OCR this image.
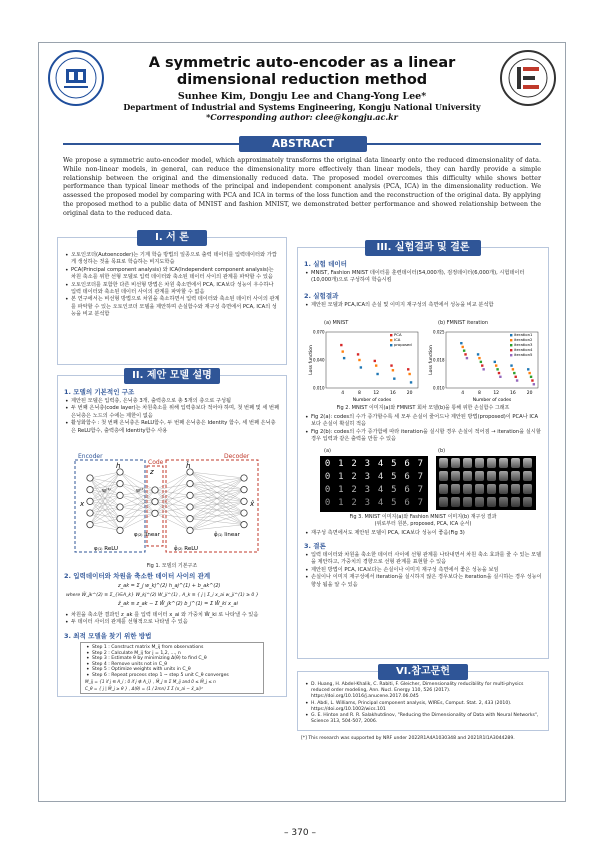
A symmetric auto-encoder as a linear dimensional reduction method
Sunhee Kim, Dongju Lee and Chang-Yong Lee*
Department of Industrial and Systems Engineering, Kongju National University
*Corresponding author: clee@kongju.ac.kr
ABSTRACT
We propose a symmetric auto-encoder model, which approximately transforms the original data linearly onto the reduced dimensionality of data. While non-linear models, in general, can reduce the dimensionality more effectively than linear models, they can hardly provide a simple relationship between the original and the dimensionally reduced data. The proposed model overcomes this difficulty while shows better performance than typical linear methods of the principal and independent component analysis (PCA, ICA) in the dimensionality reduction. We assessed the proposed model by comparing with PCA and ICA in terms of the loss function and the reconstruction of the original data. By applying the proposed method to a public data of MNIST and fashion MNIST, we demonstrated better performance and showed relationship between the original data to the reduced data.
I. 서 론
• 오토인코더(Autoencoder)는 기계 학습 방법의 일종으로 출력 데이터를 입력데이터와 가깝게 생성하는 것을 목표로 학습하는 비지도학습
• PCA(Principal component analysis) 와 ICA(Independent component analysis)는 차원 축소를 위한 선형 모델로 입력 데이터와 축소된 데이터 사이의 관계를 파악할 수 있음
• 오토인코더를 포함한 다른 비선형 방법은 차원 축소면에서 PCA, ICA보다 성능이 우수하나 입력 데이터와 축소된 데이터 사이의 관계를 파악할 수 없음
• 본 연구에서는 비선형 방법으로 차원을 축소하면서 입력 데이터와 축소된 데이터 사이의 관계를 파악할 수 있는 오토인코더 모델을 제안하며 손실함수와 재구성 측면에서 PCA, ICA의 성능을 비교 분석함
II. 제안 모델 설명
1. 모델의 기본적인 구조
• 제안된 모델은 입력층, 은닉층 3개, 출력층으로 총 5개의 층으로 구성됨
• 두 번째 은닉층(code layer)는 차원축소를 위해 입력층보다 적어야 하며, 첫 번째 및 세 번째 은닉층은 노드의 수에는 제한이 없음
• 활성화함수 : 첫 번째 은닉층은 ReLU함수, 두 번째 은닉층은 Identity 함수, 세 번째 은닉층은 ReLU함수, 출력층에 Identity함수 사용
Encoder
Code
Decoder
x
h
z
ĥ
x̂
w⁽¹⁾	w⁽²⁾
φ₍₁₎ ReLU
φ₍₂₎ linear
φ̃₍₂₎ ReLU
φ̃₍₁₎ linear
Fig 1. 모델의 기본구조
2. 입력데이터와 차원을 축소한 데이터 사이의 관계
z_ak = Σ_j w_kj^(2) h_aj^(1) + b_ak^(2)
where W̄_jk^(2) ≡ Σ_{i∈A_k} W_kj^(2) W_ji^(1) , A_k ≡ { j | Σ_i x_ai w_ji^(1) ≥ 0 }
ẑ_ak ≡ z_ak − Σ W̄_jk^(2) b_j^(1) = Σ W̄_ki x_ai
• 차원을 축소한 결과인 z_ak 를 입력 데이터 x_ai 와 가중치 W̄_ki 로 나타낼 수 있음
• 두 데이터 사이의 관계를 선형적으로 나타낼 수 있음
3. 최적 모델을 찾기 위한 방법
• Step 1 : Construct matrix M_ij from observations
• Step 2 : Calculate M_ij for j = 1,2, ..., n
• Step 3 : Estimate θ by minimizing Δ(θ) to find C_θ
• Step 4 : Remove units not in C_θ
• Step 5 : Optimize weights with units in C_θ
• Step 6 : Repeat process step 1 ~ step 5 unit C_θ converges
M_ij = {1 if j ∈ A_i ; 0 if j ∉ A_i} , M̄_j ≡ Σ M_ij and 0 ≤ M̄_j ≤ n
C_θ = { j | M̄_j ≥ θ } , Δ(θ) = (1 / 2mn) Σ Σ (x_ai − x̂_ai)²
III. 실험결과 및 결론
1. 실험 데이터
• MNIST, Fashion MNIST 데이터를 훈련데이터(54,000개), 검정데이터(6,000개), 시험데이터(10,000개)으로 구성하여 학습시킴
2. 실험결과
• 제안된 모델과 PCA,ICA의 손실 및 이미지 재구성의 측면에서 성능을 비교 분석함
(a) MNIST	(b) FMNIST iteration
4	8	12 16 20
0.010
0.040
0.070
Number of codes
Loss function
PCA
ICA
proposed
4	8	12 16 20
0.010
0.018
0.025
Number of codes
Loss function
iteration1
iteration2
iteration3
iteration4
iteration5
Fig 2. MNIST 이미지(a)와 FMNIST 회차 모델(b)을 통해 위한 손실함수 그래프
• Fig 2(a): codes의 수가 증가할수록 세 모두 손실이 줄어드나 제안된 방법(proposed)이 PCA나 ICA보다 손실이 확실히 적음
• Fig 2(b): codes의 수가 증가함에 따라 iteration을 실시할 경우 손실이 적어짐 → iteration을 실시할 경우 입력과 같은 출력을 만들 수 있음
(a)	(b)
0 1 2 3 4 5 6 7
0 1 2 3 4 5 6 7
0 1 2 3 4 5 6 7
0 1 2 3 4 5 6 7
Fig 3. MNIST 이미지(a)와 Fashion MNIST 이미지(b) 재구성 결과
(위로부터 원본, proposed, PCA, ICA 순서)
• 재구성 측면에서도 제안된 모델이 PCA, ICA보다 성능이 좋음(Fig 3)
3. 결론
• 입력 데이터와 차원을 축소한 데이터 사이에 선형 관계를 나타내면서 차원 축소 효과를 줄 수 있는 모델을 제안하고, 가중치의 경향으로 선형 관계를 표현할 수 있음
• 제안된 방법이 PCA, ICA보다는 손실이나 이미지 재구성 측면에서 좋은 성능을 보임
• 손실이나 이미지 재구성에서 iteration을 실시하지 않은 경우보다는 iteration을 실시하는 경우 성능이 향상 됨을 알 수 있음
VI.참고문헌
• D. Huang, H. Abdel-Khalik, C. Rabiti, F. Gleicher, Dimensionality reducibility for multi-physics reduced order modeling, Ann. Nucl. Energy 110, 526 (2017). https://doi.org/10.1016/j.anucene.2017.06.045
• H. Abdi, L. Williams, Principal component analysis, WIREs, Comput. Stat. 2, 433 (2010). https://doi.org/10.1002/wics.101
• G. E. Hinton and R. R. Salakhutdinov, "Reducing the Dimensionality of Data with Neural Networks", Science 313, 504-507, 2006.
[*] This research was supported by NRF under 2022R1A4A1030348 and 2021R1I1A3044289.
– 370 –
